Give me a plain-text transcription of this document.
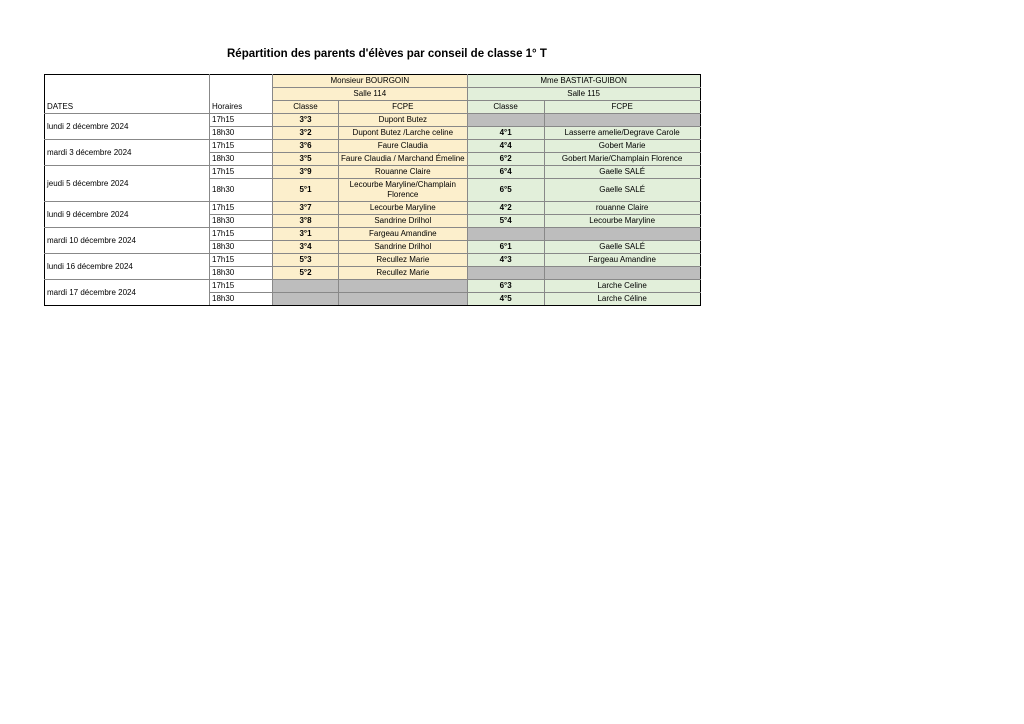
Répartition des parents d'élèves par conseil de classe 1° T
		Monsieur BOURGOIN		Mme BASTIAT-GUIBON	
		Salle 114		Salle 115	
DATES	Horaires	Classe	FCPE	Classe	FCPE
lundi 2 décembre 2024	17h15	3°3	Dupont Butez		
	18h30	3°2	Dupont Butez /Larche celine	4°1	Lasserre amelie/Degrave Carole
mardi 3 décembre 2024	17h15	3°6	Faure Claudia	4°4	Gobert Marie
	18h30	3°5	Faure Claudia / Marchand Émeline	6°2	Gobert Marie/Champlain Florence
jeudi 5 décembre 2024	17h15	3°9	Rouanne Claire	6°4	Gaelle SALÉ
	18h30	5°1	Lecourbe Maryline/Champlain Florence	6°5	Gaelle SALÉ
lundi 9 décembre 2024	17h15	3°7	Lecourbe Maryline	4°2	rouanne Claire
	18h30	3°8	Sandrine Drilhol	5°4	Lecourbe Maryline
mardi 10 décembre 2024	17h15	3°1	Fargeau Amandine		
	18h30	3°4	Sandrine Drilhol	6°1	Gaelle SALÉ
lundi 16 décembre 2024	17h15	5°3	Recullez Marie	4°3	Fargeau Amandine
	18h30	5°2	Recullez Marie		
mardi 17 décembre 2024	17h15			6°3	Larche Celine
	18h30			4°5	Larche Céline
